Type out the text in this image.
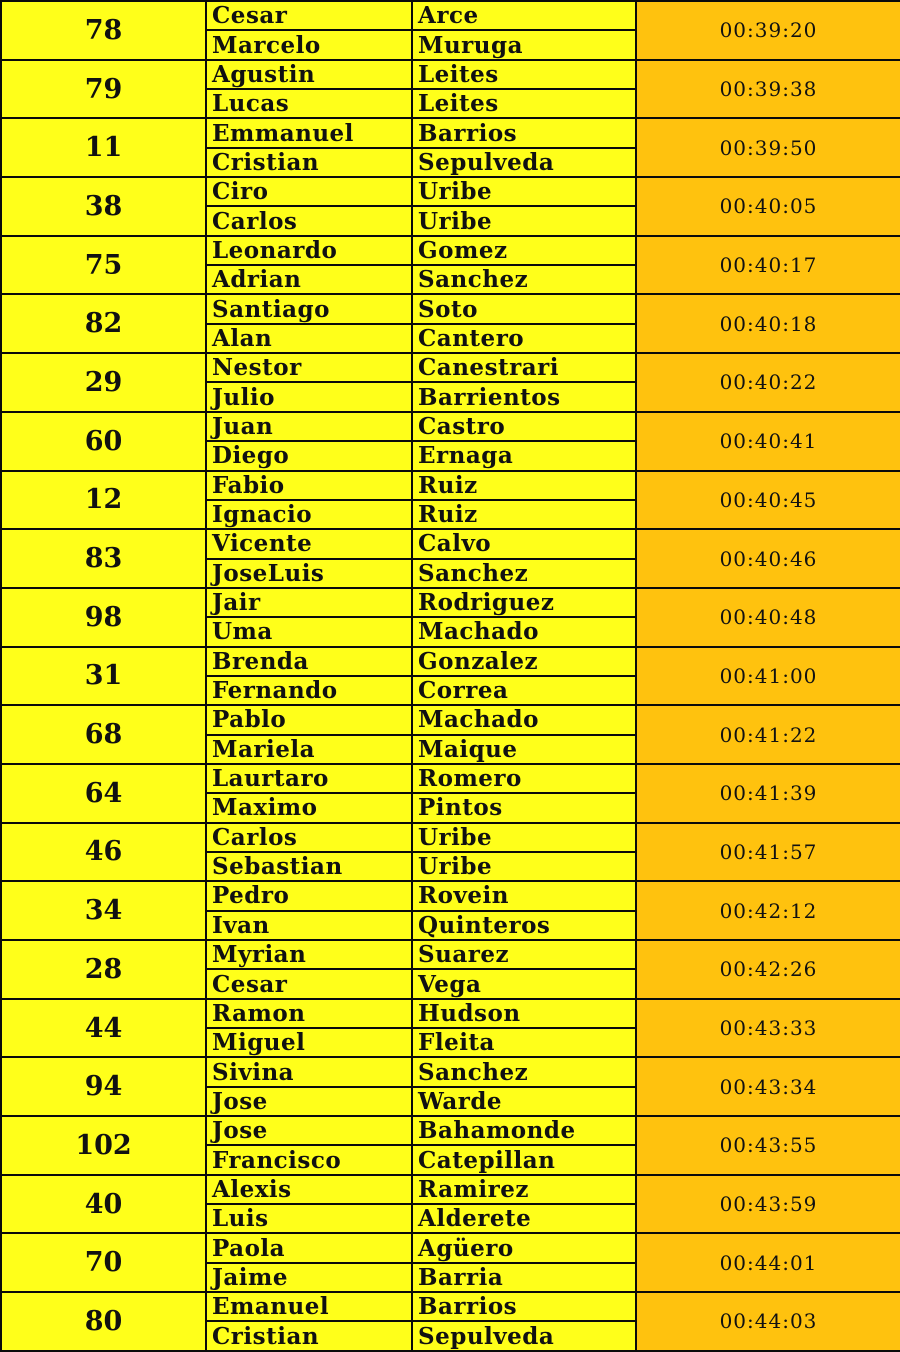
78	Cesar	Arce	00:39:20
	Marcelo	Muruga	
79	Agustin	Leites	00:39:38
	Lucas	Leites	
11	Emmanuel	Barrios	00:39:50
	Cristian	Sepulveda	
38	Ciro	Uribe	00:40:05
	Carlos	Uribe	
75	Leonardo	Gomez	00:40:17
	Adrian	Sanchez	
82	Santiago	Soto	00:40:18
	Alan	Cantero	
29	Nestor	Canestrari	00:40:22
	Julio	Barrientos	
60	Juan	Castro	00:40:41
	Diego	Ernaga	
12	Fabio	Ruiz	00:40:45
	Ignacio	Ruiz	
83	Vicente	Calvo	00:40:46
	JoseLuis	Sanchez	
98	Jair	Rodriguez	00:40:48
	Uma	Machado	
31	Brenda	Gonzalez	00:41:00
	Fernando	Correa	
68	Pablo	Machado	00:41:22
	Mariela	Maique	
64	Laurtaro	Romero	00:41:39
	Maximo	Pintos	
46	Carlos	Uribe	00:41:57
	Sebastian	Uribe	
34	Pedro	Rovein	00:42:12
	Ivan	Quinteros	
28	Myrian	Suarez	00:42:26
	Cesar	Vega	
44	Ramon	Hudson	00:43:33
	Miguel	Fleita	
94	Sivina	Sanchez	00:43:34
	Jose	Warde	
102	Jose	Bahamonde	00:43:55
	Francisco	Catepillan	
40	Alexis	Ramirez	00:43:59
	Luis	Alderete	
70	Paola	Agüero	00:44:01
	Jaime	Barria	
80	Emanuel	Barrios	00:44:03
	Cristian	Sepulveda	
